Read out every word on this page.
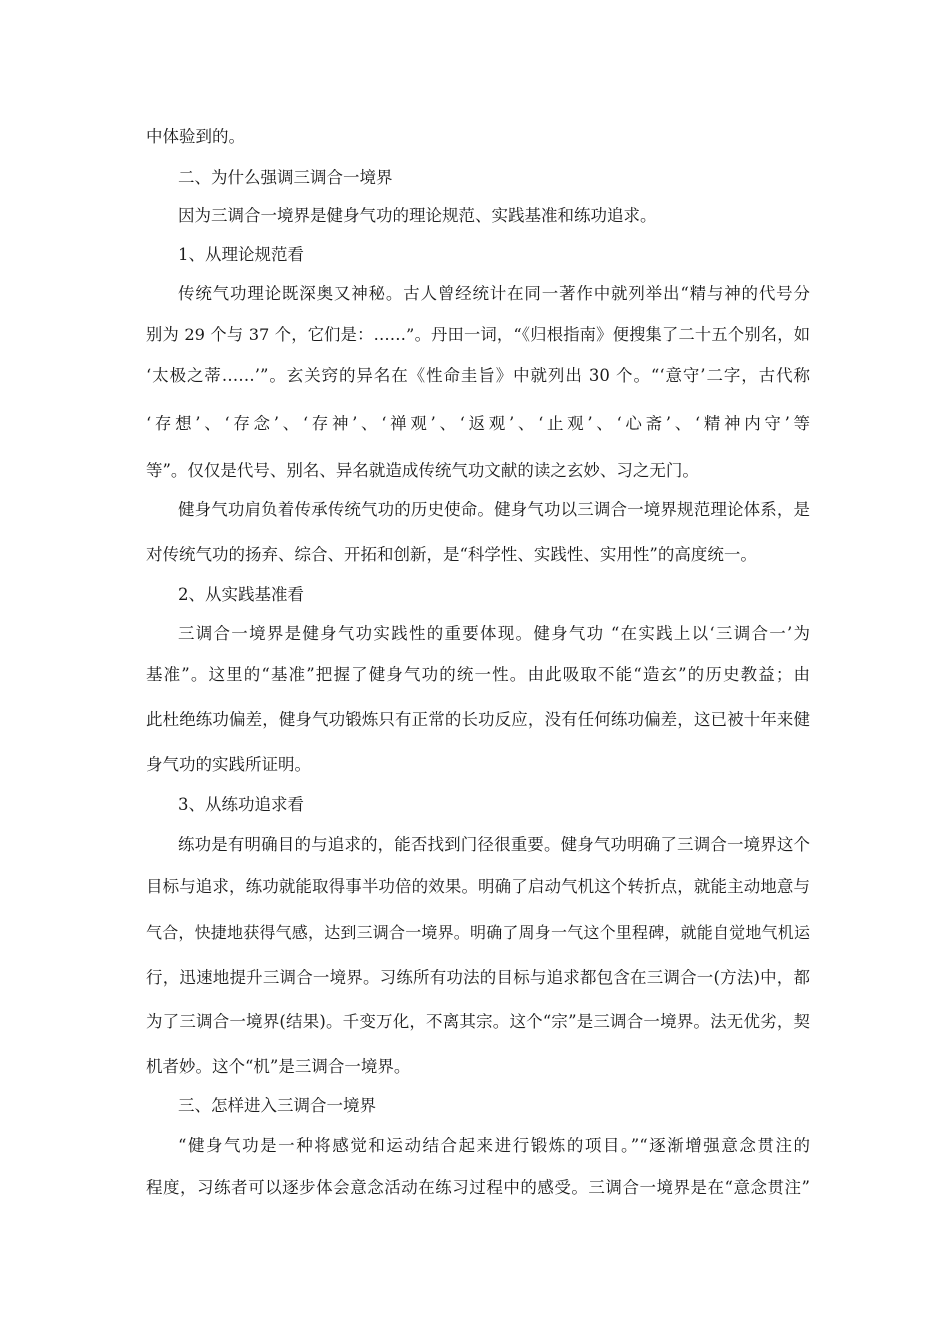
中体验到的。
二、为什么强调三调合一境界
因为三调合一境界是健身气功的理论规范、实践基准和练功追求。
1、从理论规范看
传统气功理论既深奥又神秘。古人曾经统计在同一著作中就列举出“精与神的代号分
别为 29 个与 37 个，它们是：……”。丹田一词，“《归根指南》便搜集了二十五个别名，如
‘太极之蒂……’”。玄关窍的异名在《性命圭旨》中就列出 30 个。“‘意守’二字，古代称
‘存想’、‘存念’、‘存神’、‘禅观’、‘返观’、‘止观’、‘心斋’、‘精神内守’等
等”。仅仅是代号、别名、异名就造成传统气功文献的读之玄妙、习之无门。
健身气功肩负着传承传统气功的历史使命。健身气功以三调合一境界规范理论体系，是
对传统气功的扬弃、综合、开拓和创新，是“科学性、实践性、实用性”的高度统一。
2、从实践基准看
三调合一境界是健身气功实践性的重要体现。健身气功 “在实践上以‘三调合一’为
基准”。这里的“基准”把握了健身气功的统一性。由此吸取不能“造玄”的历史教益；由
此杜绝练功偏差，健身气功锻炼只有正常的长功反应，没有任何练功偏差，这已被十年来健
身气功的实践所证明。
3、从练功追求看
练功是有明确目的与追求的，能否找到门径很重要。健身气功明确了三调合一境界这个
目标与追求，练功就能取得事半功倍的效果。明确了启动气机这个转折点，就能主动地意与
气合，快捷地获得气感，达到三调合一境界。明确了周身一气这个里程碑，就能自觉地气机运
行，迅速地提升三调合一境界。习练所有功法的目标与追求都包含在三调合一(方法)中，都
为了三调合一境界(结果)。千变万化，不离其宗。这个“宗”是三调合一境界。法无优劣，契
机者妙。这个“机”是三调合一境界。
三、怎样进入三调合一境界
“健身气功是一种将感觉和运动结合起来进行锻炼的项目。”“逐渐增强意念贯注的
程度，习练者可以逐步体会意念活动在练习过程中的感受。三调合一境界是在“意念贯注”
